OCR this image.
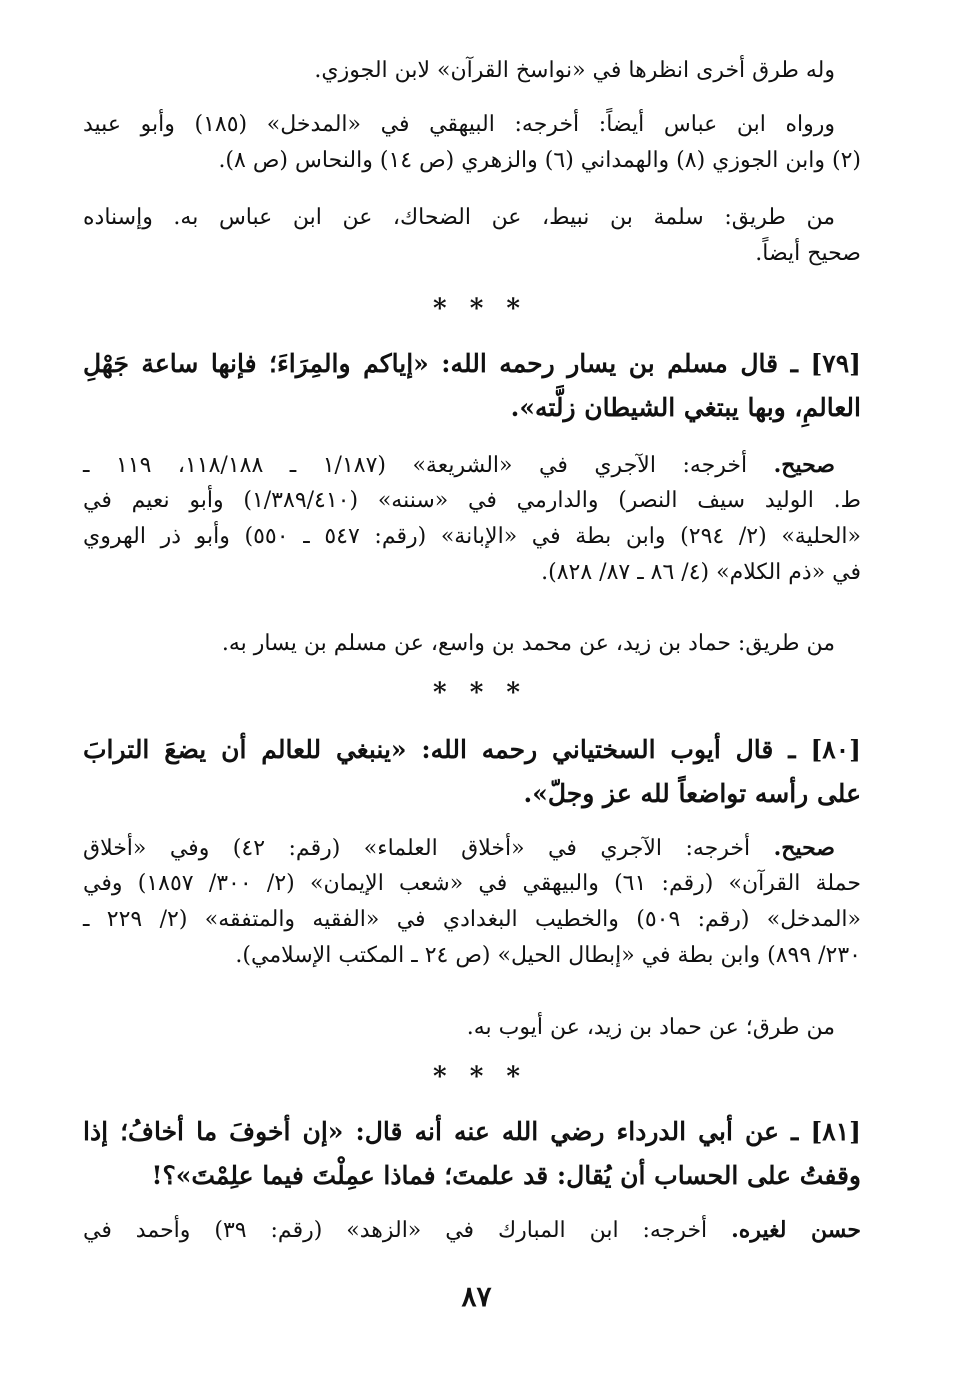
وله طرق أخرى انظرها في «نواسخ القرآن» لابن الجوزي.
ورواه ابن عباس أيضاً: أخرجه: البيهقي في «المدخل» (١٨٥) وأبو عبيد
(٢) وابن الجوزي (٨) والهمداني (٦) والزهري (ص ١٤) والنحاس (ص ٨).
من طريق: سلمة بن نبيط، عن الضحاك، عن ابن عباس به. وإسناده
صحيح أيضاً.
* * *
[٧٩] ـ قال مسلم بن يسار رحمه الله: «إياكم والمِرَاءَ؛ فإنها ساعة جَهْلِ
العالمِ، وبها يبتغي الشيطان زلَّته».
صحيح. أخرجه: الآجري في «الشريعة» (١/١٨٧ ـ ١١٨/١٨٨، ١١٩ ـ
ط. الوليد سيف النصر) والدارمي في «سننه» (١/٣٨٩/٤١٠) وأبو نعيم في
«الحلية» (٢/ ٢٩٤) وابن بطة في «الإبانة» (رقم: ٥٤٧ ـ ٥٥٠) وأبو ذر الهروي
في «ذم الكلام» (٤/ ٨٦ ـ ٨٧/ ٨٢٨).
من طريق: حماد بن زيد، عن محمد بن واسع، عن مسلم بن يسار به.
* * *
[٨٠] ـ قال أيوب السختياني رحمه الله: «ينبغي للعالم أن يضعَ الترابَ
على رأسه تواضعاً لله عز وجلّ».
صحيح. أخرجه: الآجري في «أخلاق العلماء» (رقم: ٤٢) وفي «أخلاق
حملة القرآن» (رقم: ٦١) والبيهقي في «شعب الإيمان» (٢/ ٣٠٠/ ١٨٥٧) وفي
«المدخل» (رقم: ٥٠٩) والخطيب البغدادي في «الفقيه والمتفقه» (٢/ ٢٢٩ ـ
٢٣٠/ ٨٩٩) وابن بطة في «إبطال الحيل» (ص ٢٤ ـ المكتب الإسلامي).
من طرق؛ عن حماد بن زيد، عن أيوب به.
* * *
[٨١] ـ عن أبي الدرداء رضي الله عنه أنه قال: «إن أخوفَ ما أخافُ؛ إذا
وقفتُ على الحساب أن يُقال: قد علمتَ؛ فماذا عمِلْتَ فيما علِمْتَ»؟!
حسن لغيره. أخرجه: ابن المبارك في «الزهد» (رقم: ٣٩) وأحمد في
٨٧
